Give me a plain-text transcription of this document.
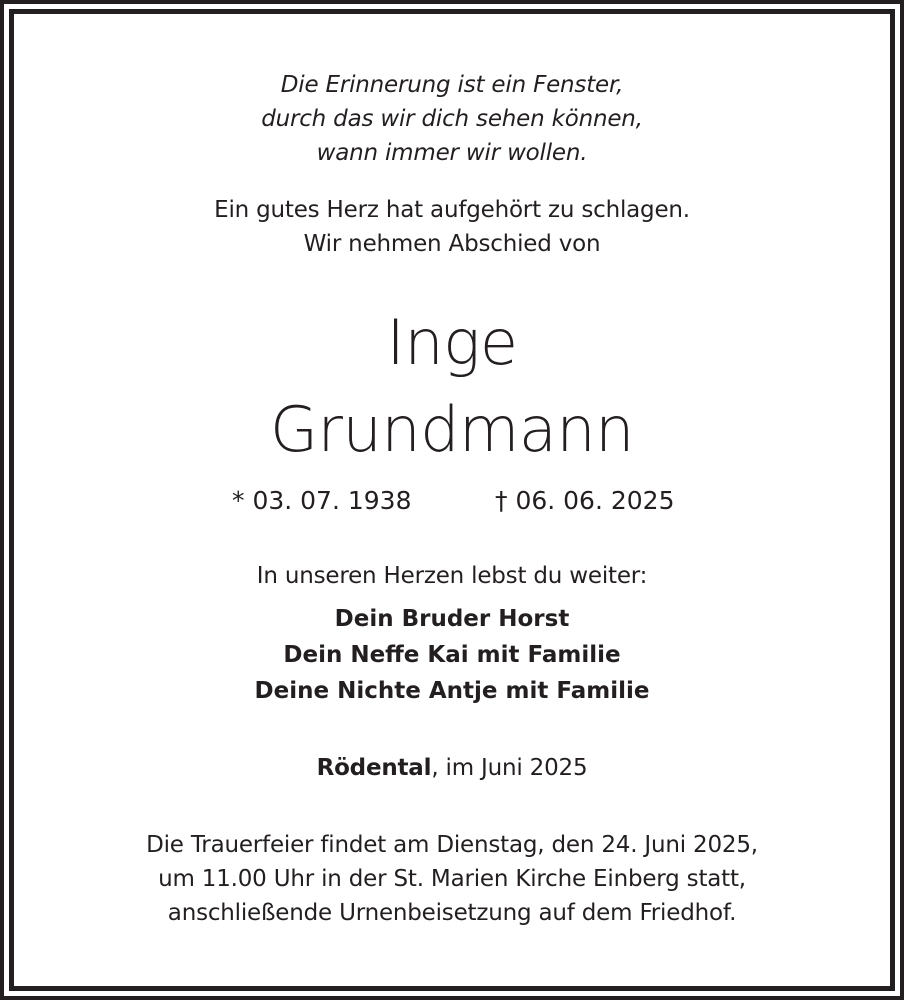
Die Erinnerung ist ein Fenster,
durch das wir dich sehen können,
wann immer wir wollen.
Ein gutes Herz hat aufgehört zu schlagen.
Wir nehmen Abschied von
Inge
Grundmann
* 03. 07. 1938	† 06. 06. 2025
In unseren Herzen lebst du weiter:
Dein Bruder Horst
Dein Neffe Kai mit Familie
Deine Nichte Antje mit Familie
Rödental, im Juni 2025
Die Trauerfeier findet am Dienstag, den 24. Juni 2025,
um 11.00 Uhr in der St. Marien Kirche Einberg statt,
anschließende Urnenbeisetzung auf dem Friedhof.
